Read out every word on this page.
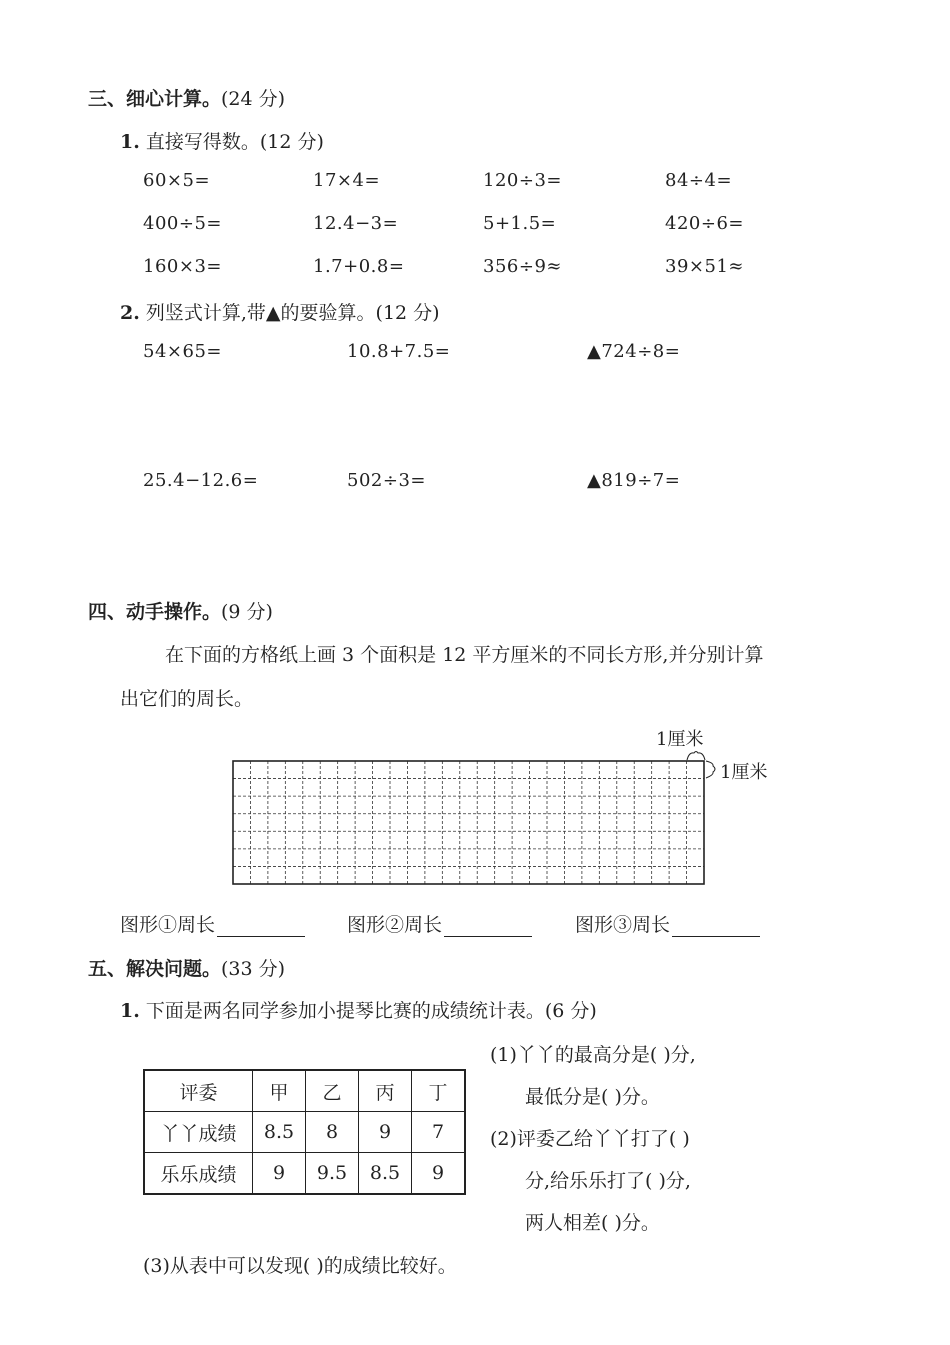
三、细心计算。(24 分)
1. 直接写得数。(12 分)
60×5=	17×4=	120÷3=	84÷4=
400÷5=	12.4−3=	5+1.5=	420÷6=
160×3=	1.7+0.8=	356÷9≈	39×51≈
2. 列竖式计算,带▲的要验算。(12 分)
54×65=	10.8+7.5=	▲724÷8=
25.4−12.6=	502÷3=	▲819÷7=
四、动手操作。(9 分)
在下面的方格纸上画 3 个面积是 12 平方厘米的不同长方形,并分别计算
出它们的周长。
1厘米
1厘米
图形①周长	图形②周长	图形③周长
五、解决问题。(33 分)
1. 下面是两名同学参加小提琴比赛的成绩统计表。(6 分)
评委	甲	乙	丙	丁
丫丫成绩	8.5	8	9	7
乐乐成绩	9	9.5	8.5	9
(1)丫丫的最高分是( )分,
最低分是( )分。
(2)评委乙给丫丫打了( )
分,给乐乐打了( )分,
两人相差( )分。
(3)从表中可以发现( )的成绩比较好。
